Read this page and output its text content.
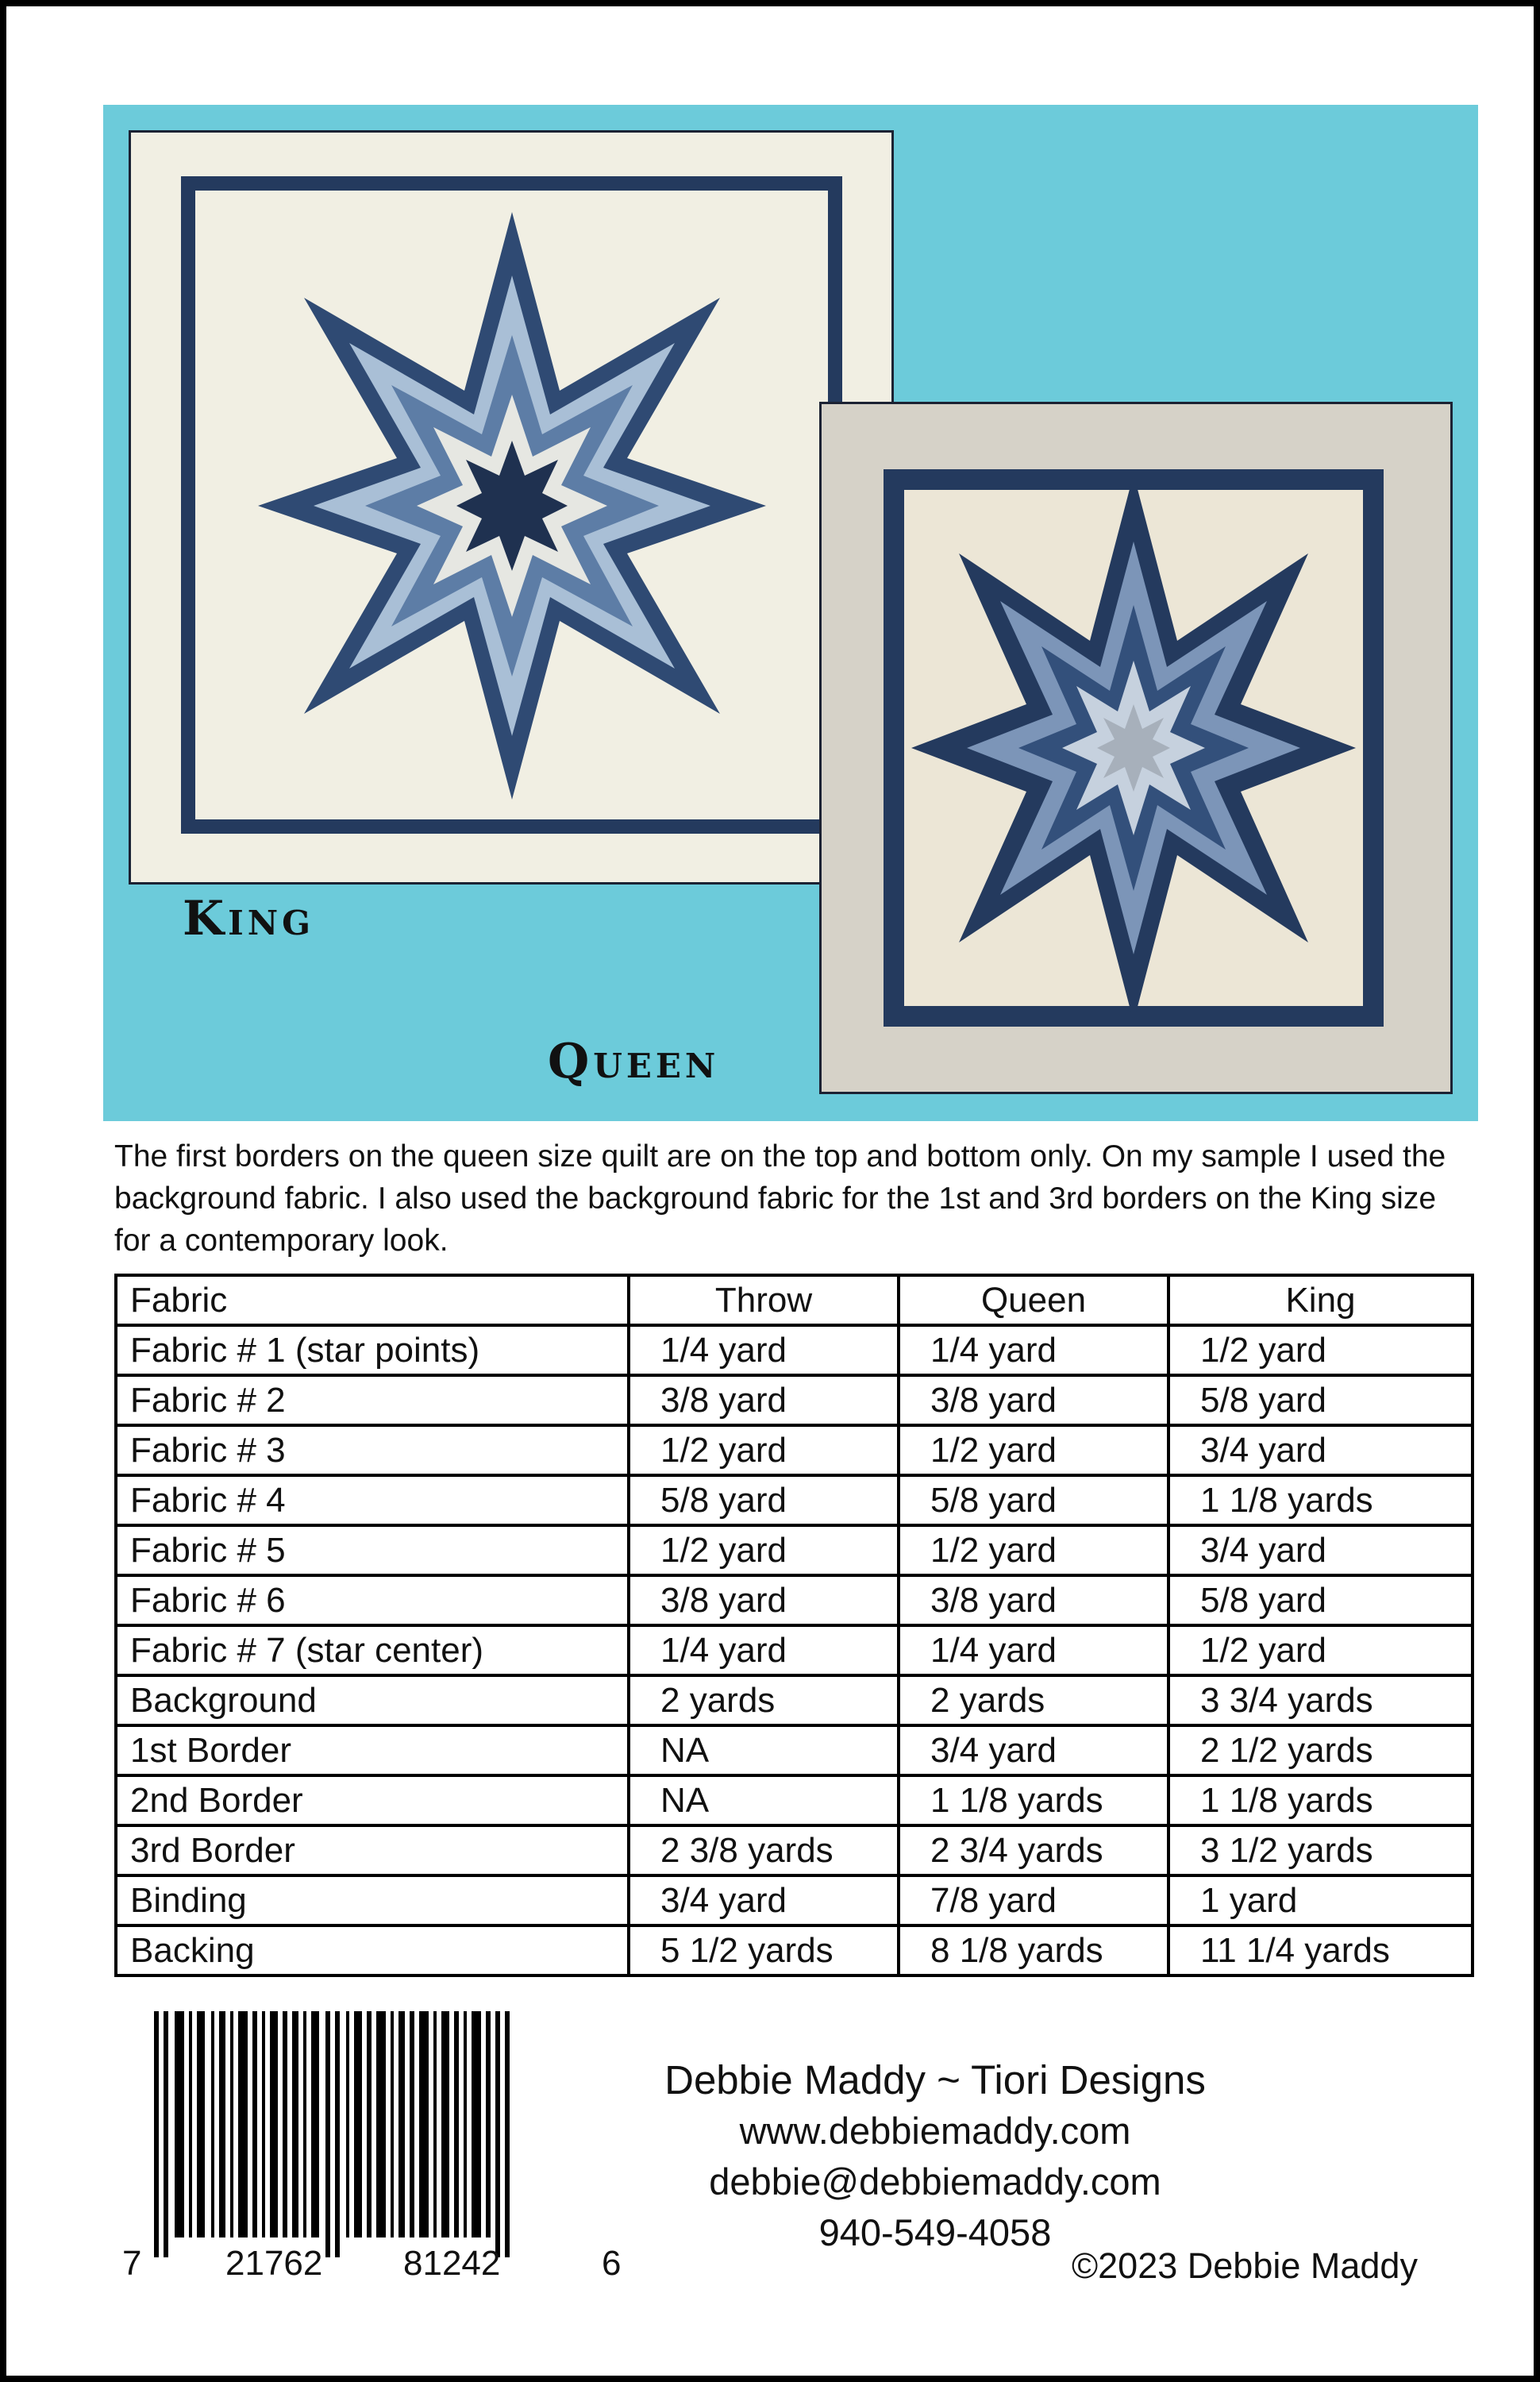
King
Queen

The first borders on the queen size quilt are on the top and bottom only. On my sample I used the background fabric. I also used the background fabric for the 1st and 3rd borders on the King size for a contemporary look.

Fabric	Throw	Queen	King
Fabric # 1 (star points)	1/4 yard	1/4 yard	1/2 yard
Fabric # 2	3/8 yard	3/8 yard	5/8 yard
Fabric # 3	1/2 yard	1/2 yard	3/4 yard
Fabric # 4	5/8 yard	5/8 yard	1 1/8 yards
Fabric # 5	1/2 yard	1/2 yard	3/4 yard
Fabric # 6	3/8 yard	3/8 yard	5/8 yard
Fabric # 7 (star center)	1/4 yard	1/4 yard	1/2 yard
Background	2 yards	2 yards	3 3/4 yards
1st Border	NA	3/4 yard	2 1/2 yards
2nd Border	NA	1 1/8 yards	1 1/8 yards
3rd Border	2 3/8 yards	2 3/4 yards	3 1/2 yards
Binding	3/4 yard	7/8 yard	1 yard
Backing	5 1/2 yards	8 1/8 yards	11 1/4 yards
7 21762 81242	6
Debbie Maddy ~ Tiori Designs
www.debbiemaddy.com
debbie@debbiemaddy.com
940-549-4058
©2023 Debbie Maddy
